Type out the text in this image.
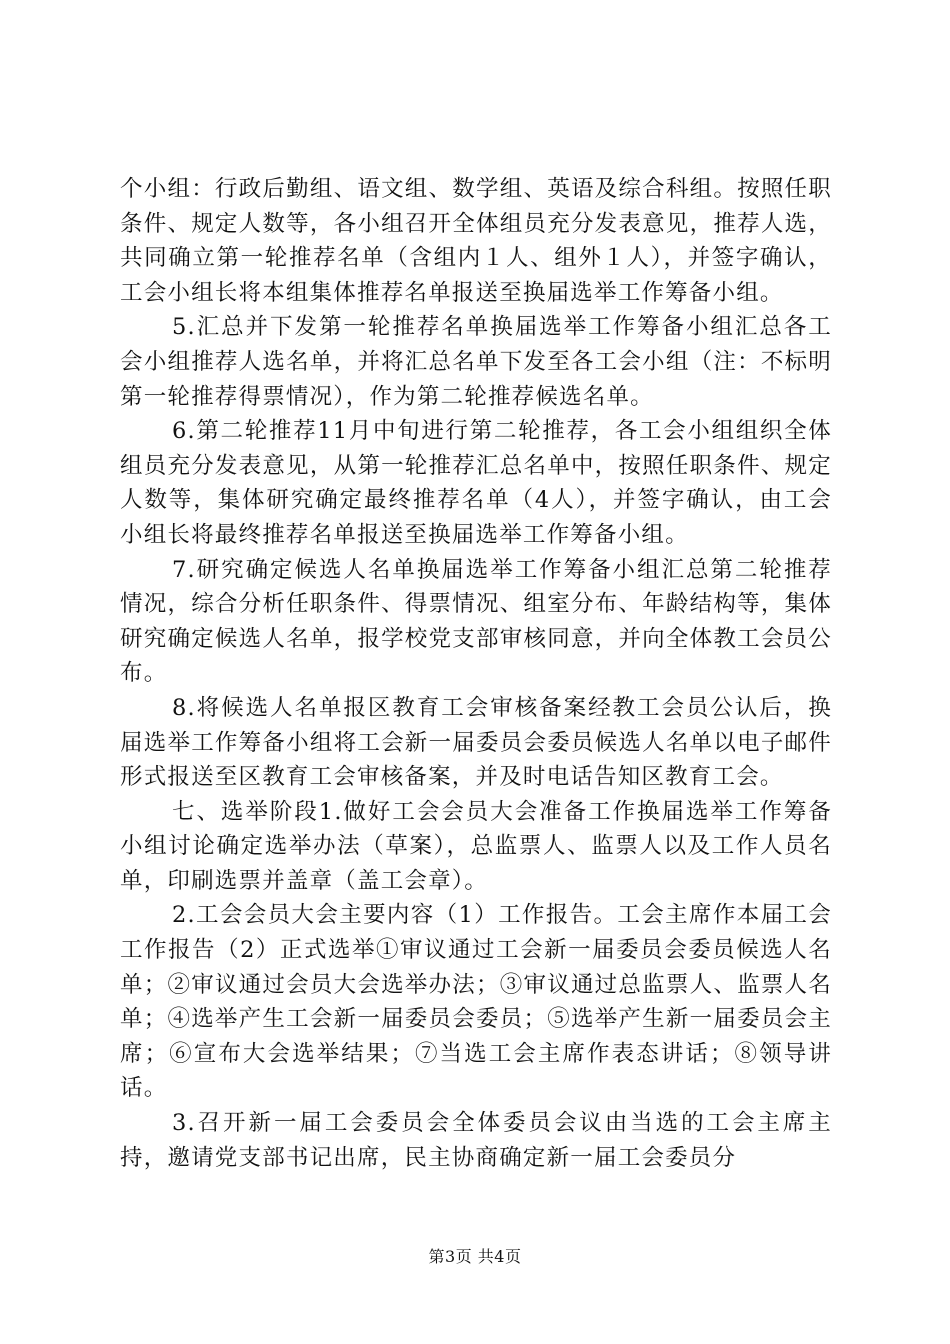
个小组：行政后勤组、语文组、数学组、英语及综合科组。按照任职条件、规定人数等，各小组召开全体组员充分发表意见，推荐人选，共同确立第一轮推荐名单（含组内１人、组外１人），并签字确认，工会小组长将本组集体推荐名单报送至换届选举工作筹备小组。

5.汇总并下发第一轮推荐名单换届选举工作筹备小组汇总各工会小组推荐人选名单，并将汇总名单下发至各工会小组（注：不标明第一轮推荐得票情况），作为第二轮推荐候选名单。

6.第二轮推荐11月中旬进行第二轮推荐，各工会小组组织全体组员充分发表意见，从第一轮推荐汇总名单中，按照任职条件、规定人数等，集体研究确定最终推荐名单（4人），并签字确认，由工会小组长将最终推荐名单报送至换届选举工作筹备小组。

7.研究确定候选人名单换届选举工作筹备小组汇总第二轮推荐情况，综合分析任职条件、得票情况、组室分布、年龄结构等，集体研究确定候选人名单，报学校党支部审核同意，并向全体教工会员公布。

8.将候选人名单报区教育工会审核备案经教工会员公认后，换届选举工作筹备小组将工会新一届委员会委员候选人名单以电子邮件形式报送至区教育工会审核备案，并及时电话告知区教育工会。

七、选举阶段1.做好工会会员大会准备工作换届选举工作筹备小组讨论确定选举办法（草案），总监票人、监票人以及工作人员名单，印刷选票并盖章（盖工会章）。

2.工会会员大会主要内容（1）工作报告。工会主席作本届工会工作报告（2）正式选举①审议通过工会新一届委员会委员候选人名单；②审议通过会员大会选举办法；③审议通过总监票人、监票人名单；④选举产生工会新一届委员会委员；⑤选举产生新一届委员会主席；⑥宣布大会选举结果；⑦当选工会主席作表态讲话；⑧领导讲话。

3.召开新一届工会委员会全体委员会议由当选的工会主席主持，邀请党支部书记出席，民主协商确定新一届工会委员分

第3页 共4页
